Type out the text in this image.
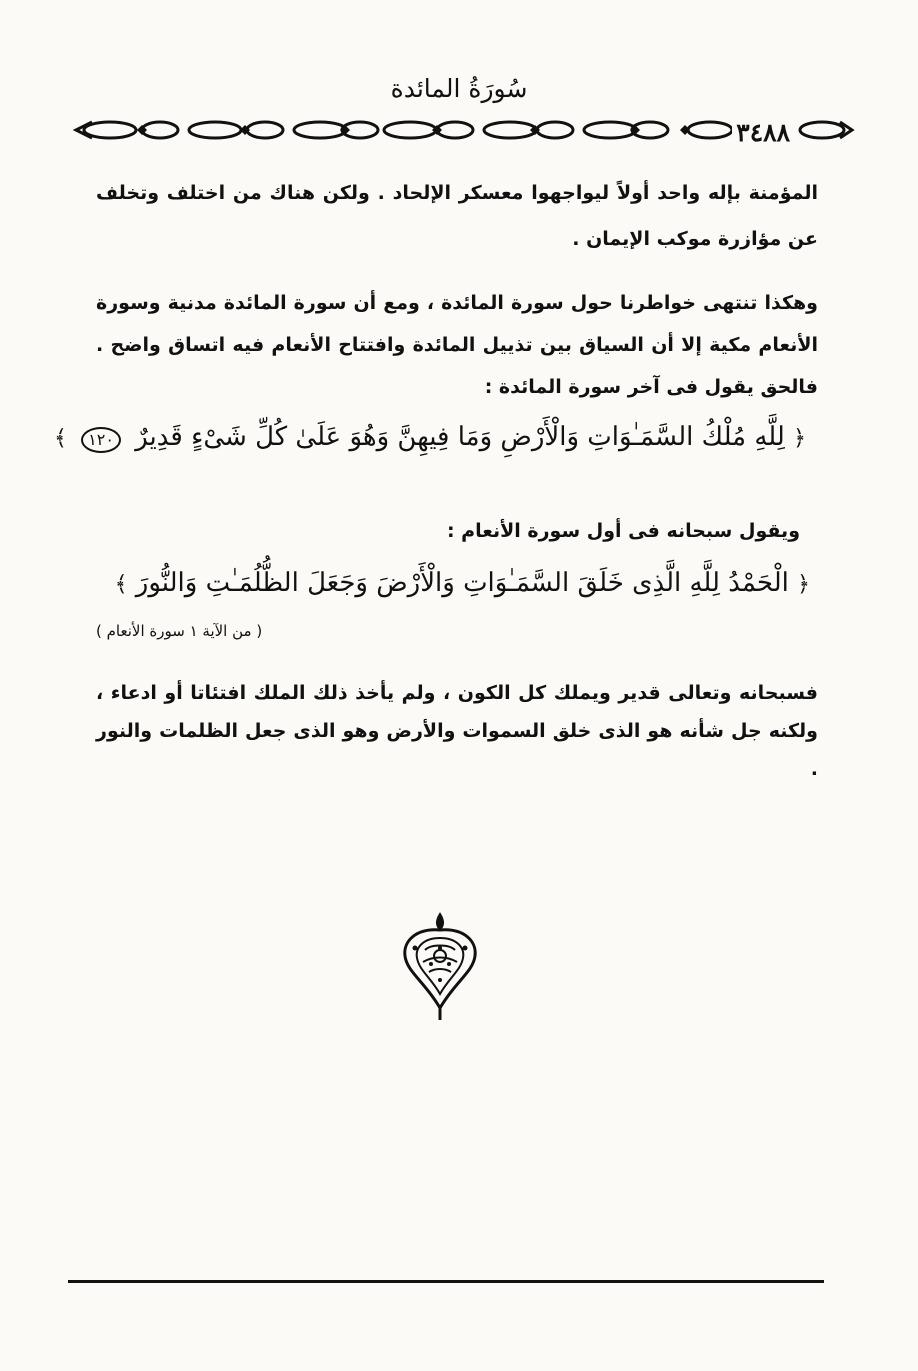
سُورَةُ المائدة
٣٤٨٨
المؤمنة بإله واحد أولاً ليواجهوا معسكر الإلحاد . ولكن هناك من اختلف وتخلف عن مؤازرة موكب الإيمان .
وهكذا تنتهى خواطرنا حول سورة المائدة ، ومع أن سورة المائدة مدنية وسورة الأنعام مكية إلا أن السياق بين تذييل المائدة وافتتاح الأنعام فيه اتساق واضح . فالحق يقول فى آخر سورة المائدة :
﴿ لِلَّهِ مُلْكُ السَّمَـٰوَاتِ وَالْأَرْضِ وَمَا فِيهِنَّ وَهُوَ عَلَىٰ كُلِّ شَىْءٍ قَدِيرٌ ١٢٠ ﴾
ويقول سبحانه فى أول سورة الأنعام :
﴿ الْحَمْدُ لِلَّهِ الَّذِى خَلَقَ السَّمَـٰوَاتِ وَالْأَرْضَ وَجَعَلَ الظُّلُمَـٰتِ وَالنُّورَ ﴾
( من الآية ١ سورة الأنعام )
فسبحانه وتعالى قدير ويملك كل الكون ، ولم يأخذ ذلك الملك افتئاتا أو ادعاء ، ولكنه جل شأنه هو الذى خلق السموات والأرض وهو الذى جعل الظلمات والنور .
